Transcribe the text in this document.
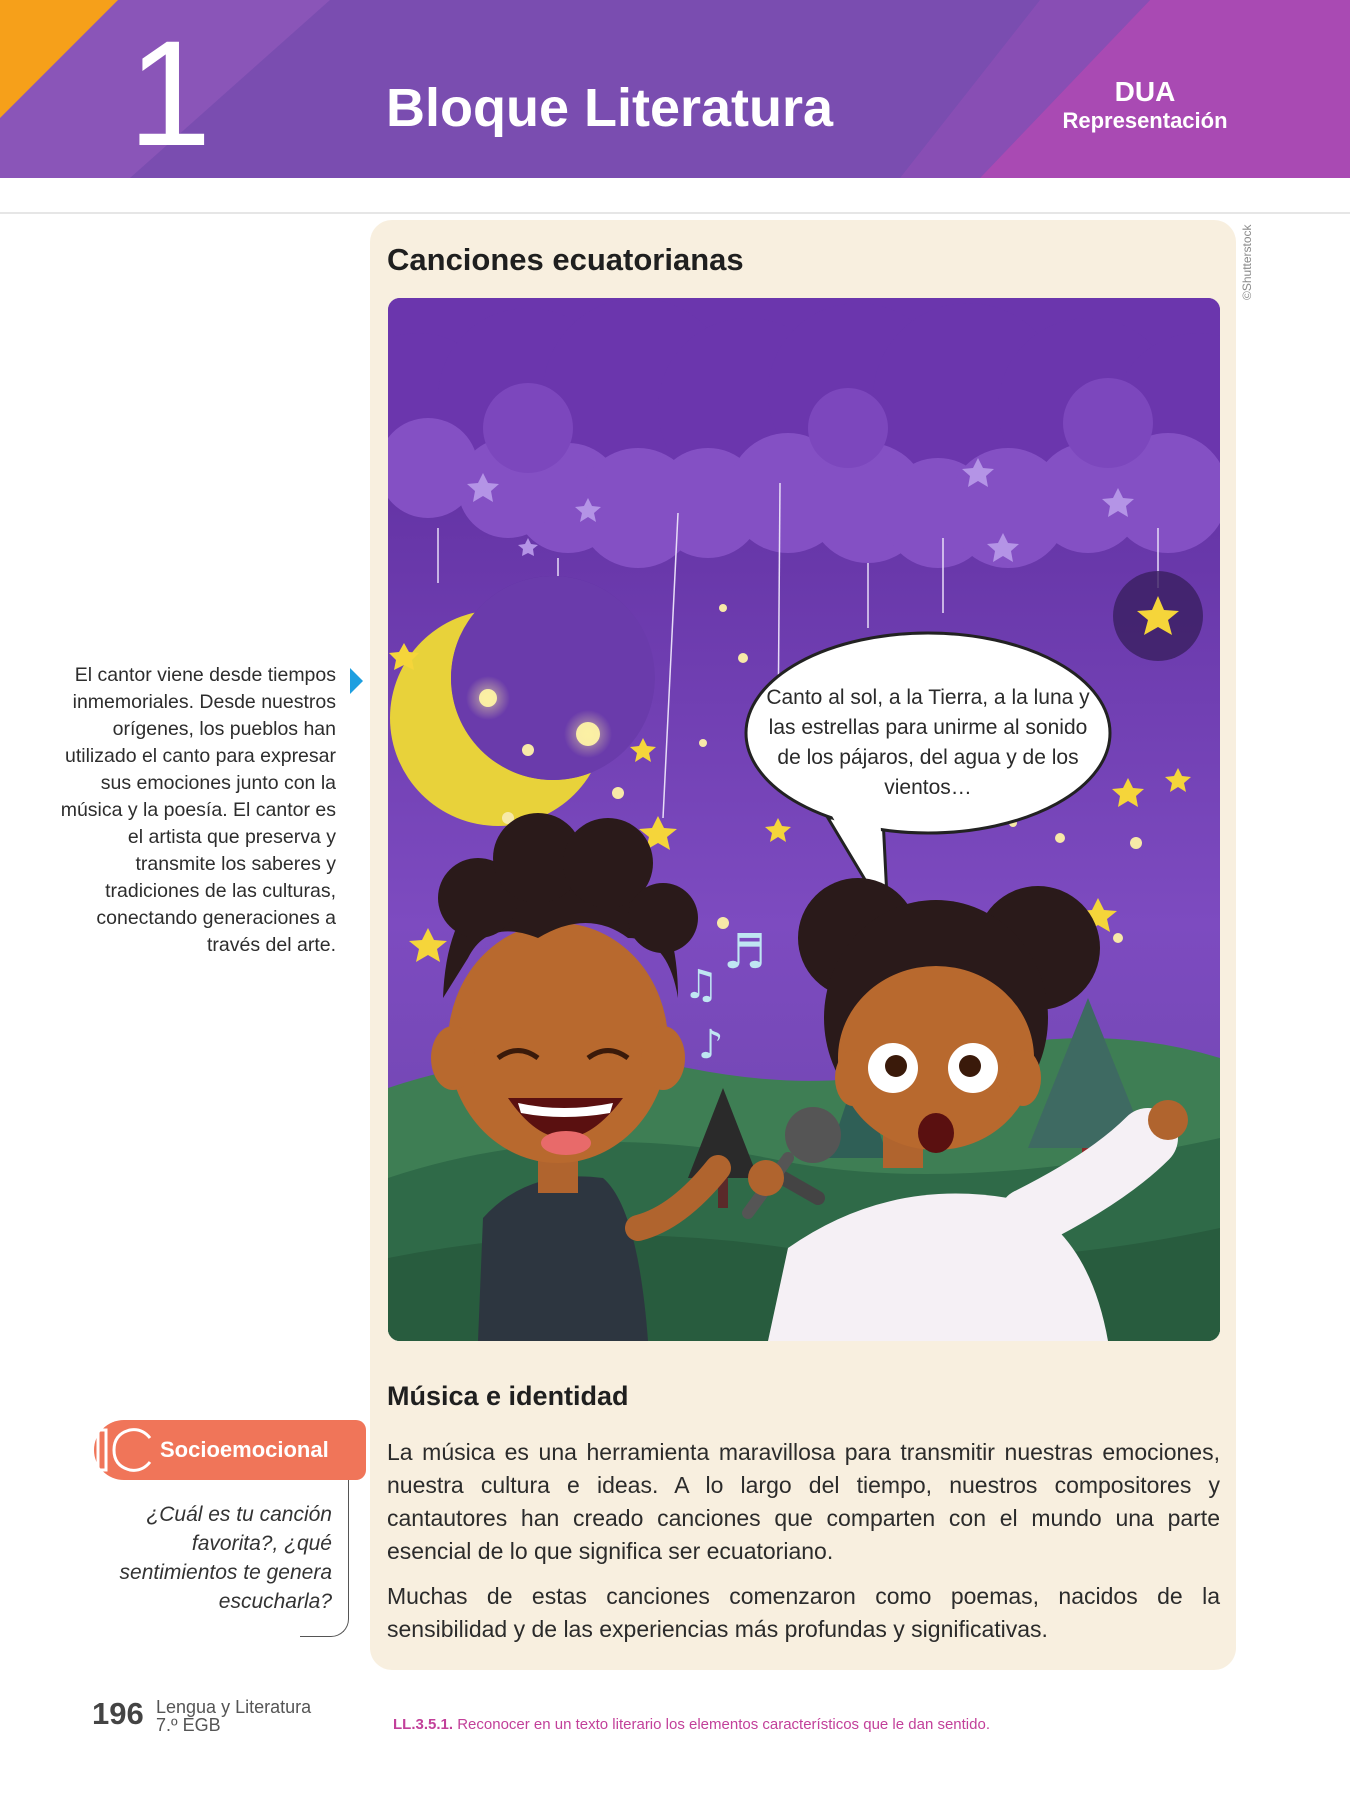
1	Bloque Literatura	DUA
Representación
El cantor viene desde tiempos inmemoriales. Desde nuestros orígenes, los pueblos han utilizado el canto para expresar sus emociones junto con la música y la poesía. El cantor es el artista que preserva y transmite los saberes y tradiciones de las culturas, conectando generaciones a través del arte.
Canciones ecuatorianas	©Shutterstock
♫
♬
♪
Canto al sol, a la Tierra, a la luna y las estrellas para unirme al sonido de los pájaros, del agua y de los vientos…
Música e identidad

La música es una herramienta maravillosa para transmitir nuestras emociones, nuestra cultura e ideas. A lo largo del tiempo, nuestros compositores y cantautores han creado canciones que comparten con el mundo una parte esencial de lo que significa ser ecuatoriano.

Muchas de estas canciones comenzaron como poemas, nacidos de la sensibilidad y de las experiencias más profundas y significativas.

Socioemocional
¿Cuál es tu canción favorita?, ¿qué sentimientos te genera escucharla?
196 Lengua y Literatura
7.º EGB	LL.3.5.1. Reconocer en un texto literario los elementos característicos que le dan sentido.
